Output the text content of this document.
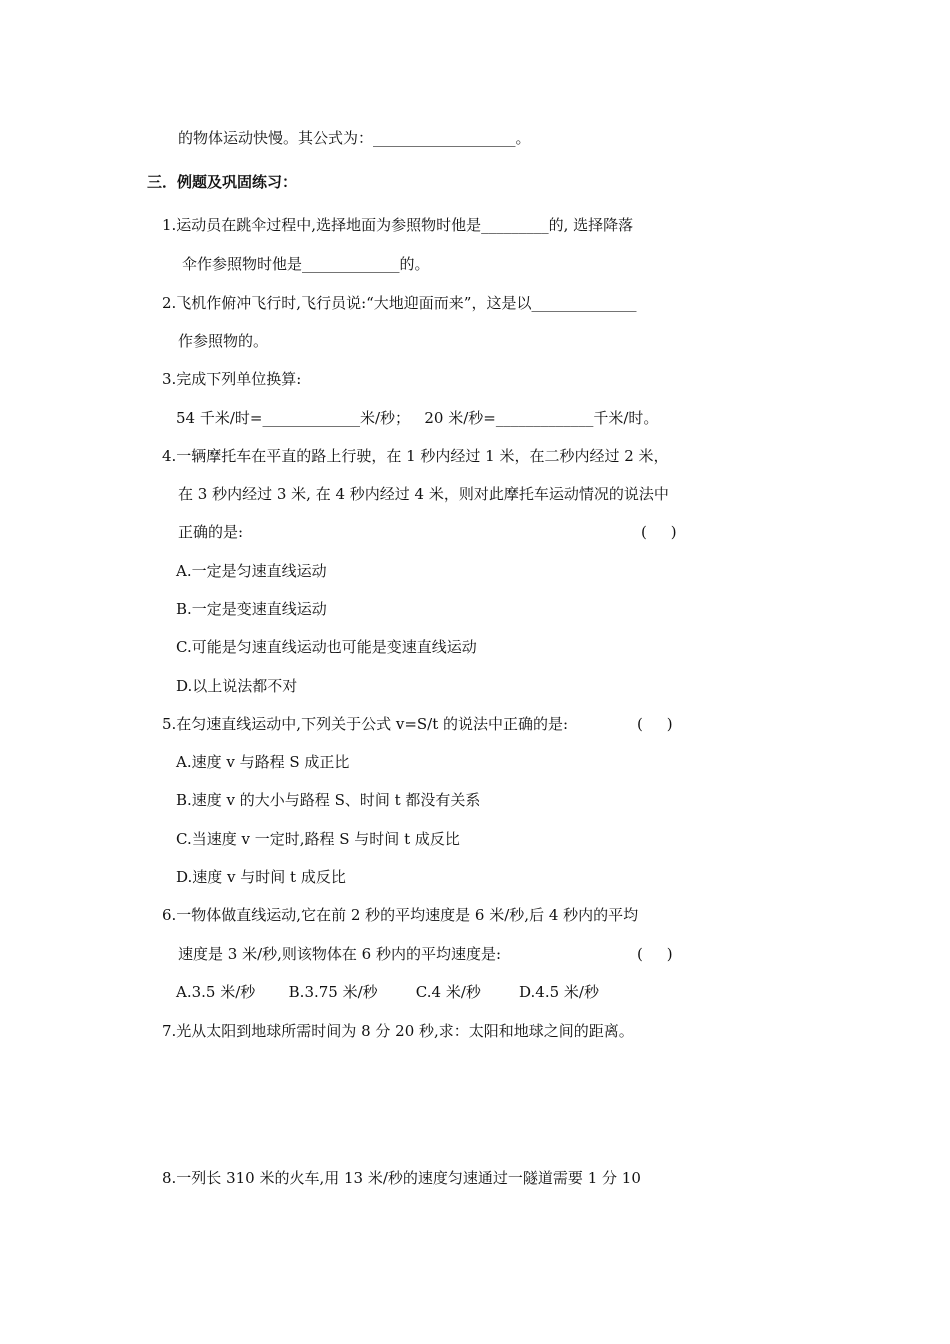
的物体运动快慢。其公式为：___________________。
三．例题及巩固练习：
1.运动员在跳伞过程中,选择地面为参照物时他是_________的, 选择降落
伞作参照物时他是_____________的。
2.飞机作俯冲飞行时,飞行员说:“大地迎面而来”，这是以______________
作参照物的。
3.完成下列单位换算:
54 千米/时=_____________米/秒；   20 米/秒=_____________千米/时。
4.一辆摩托车在平直的路上行驶，在 1 秒内经过 1 米，在二秒内经过 2 米，
在 3 秒内经过 3 米, 在 4 秒内经过 4 米，则对此摩托车运动情况的说法中
正确的是:	(     )
A.一定是匀速直线运动
B.一定是变速直线运动
C.可能是匀速直线运动也可能是变速直线运动
D.以上说法都不对
5.在匀速直线运动中,下列关于公式 v=S/t 的说法中正确的是:	(     )
A.速度 v 与路程 S 成正比
B.速度 v 的大小与路程 S、时间 t 都没有关系
C.当速度 v 一定时,路程 S 与时间 t 成反比
D.速度 v 与时间 t 成反比
6.一物体做直线运动,它在前 2 秒的平均速度是 6 米/秒,后 4 秒内的平均
速度是 3 米/秒,则该物体在 6 秒内的平均速度是:	(     )
A.3.5 米/秒       B.3.75 米/秒        C.4 米/秒        D.4.5 米/秒
7.光从太阳到地球所需时间为 8 分 20 秒,求：太阳和地球之间的距离。
8.一列长 310 米的火车,用 13 米/秒的速度匀速通过一隧道需要 1 分 10
